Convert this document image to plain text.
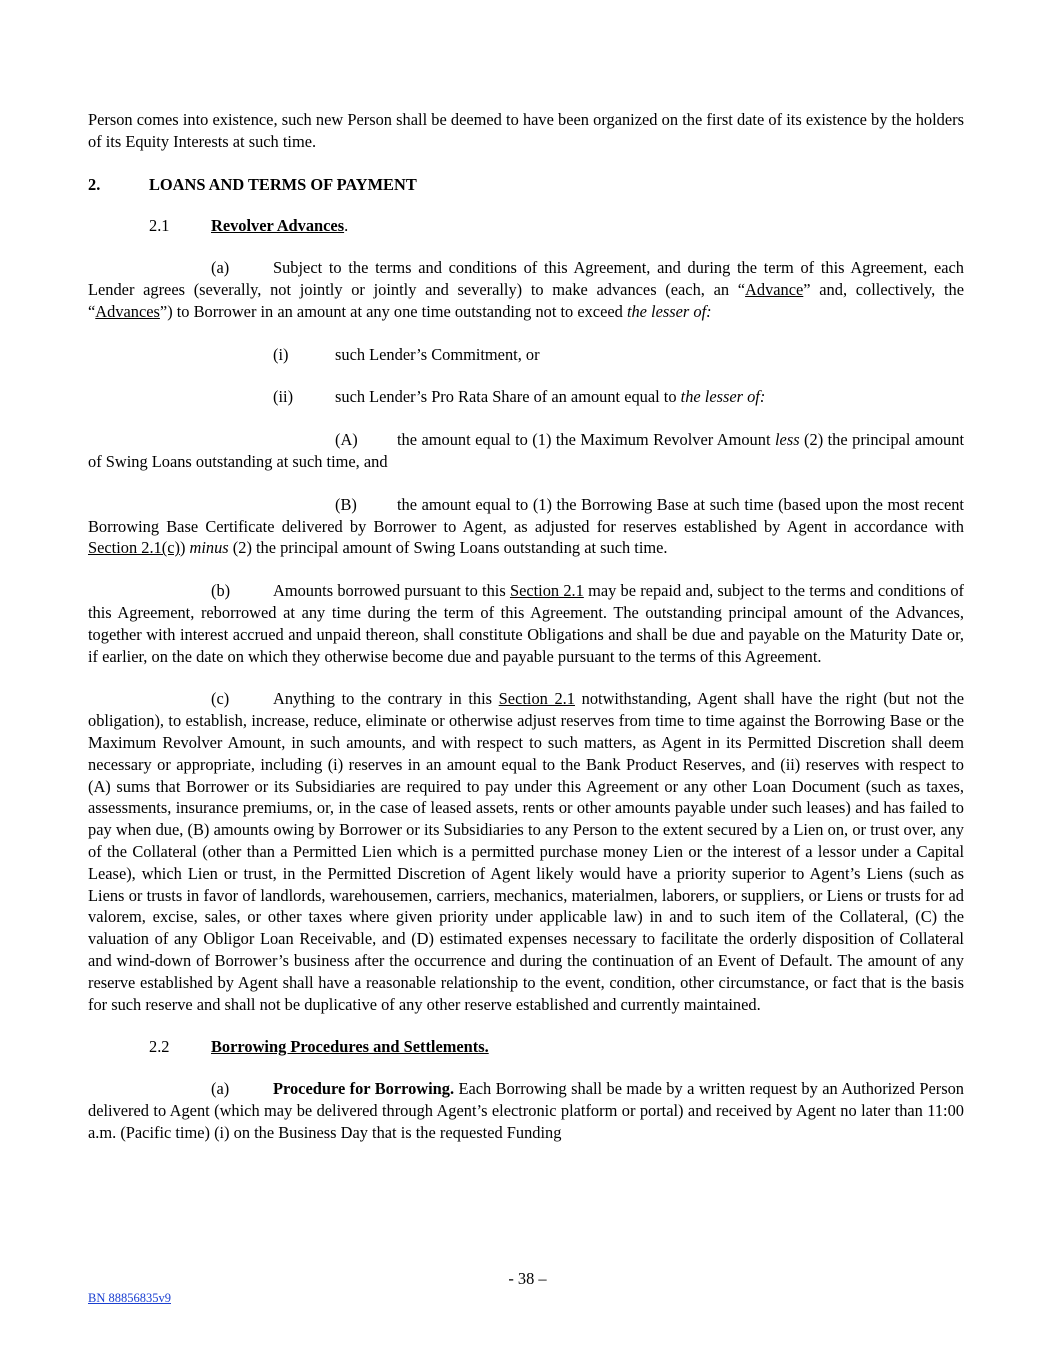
Person comes into existence, such new Person shall be deemed to have been organized on the first date of its existence by the holders of its Equity Interests at such time.

2.	LOANS AND TERMS OF PAYMENT

2.1	Revolver Advances.

(a)	Subject to the terms and conditions of this Agreement, and during the term of this Agreement, each Lender agrees (severally, not jointly or jointly and severally) to make advances (each, an “Advance” and, collectively, the “Advances”) to Borrower in an amount at any one time outstanding not to exceed the lesser of:

(i)	such Lender’s Commitment, or

(ii)	such Lender’s Pro Rata Share of an amount equal to the lesser of:

(A) the amount equal to (1) the Maximum Revolver Amount less (2) the principal amount of Swing Loans outstanding at such time, and

(B) the amount equal to (1) the Borrowing Base at such time (based upon the most recent Borrowing Base Certificate delivered by Borrower to Agent, as adjusted for reserves established by Agent in accordance with Section 2.1(c)) minus (2) the principal amount of Swing Loans outstanding at such time.

(b)	Amounts borrowed pursuant to this Section 2.1 may be repaid and, subject to the terms and conditions of this Agreement, reborrowed at any time during the term of this Agreement. The outstanding principal amount of the Advances, together with interest accrued and unpaid thereon, shall constitute Obligations and shall be due and payable on the Maturity Date or, if earlier, on the date on which they otherwise become due and payable pursuant to the terms of this Agreement.

(c)	Anything to the contrary in this Section 2.1 notwithstanding, Agent shall have the right (but not the obligation), to establish, increase, reduce, eliminate or otherwise adjust reserves from time to time against the Borrowing Base or the Maximum Revolver Amount, in such amounts, and with respect to such matters, as Agent in its Permitted Discretion shall deem necessary or appropriate, including (i) reserves in an amount equal to the Bank Product Reserves, and (ii) reserves with respect to (A) sums that Borrower or its Subsidiaries are required to pay under this Agreement or any other Loan Document (such as taxes, assessments, insurance premiums, or, in the case of leased assets, rents or other amounts payable under such leases) and has failed to pay when due, (B) amounts owing by Borrower or its Subsidiaries to any Person to the extent secured by a Lien on, or trust over, any of the Collateral (other than a Permitted Lien which is a permitted purchase money Lien or the interest of a lessor under a Capital Lease), which Lien or trust, in the Permitted Discretion of Agent likely would have a priority superior to Agent’s Liens (such as Liens or trusts in favor of landlords, warehousemen, carriers, mechanics, materialmen, laborers, or suppliers, or Liens or trusts for ad valorem, excise, sales, or other taxes where given priority under applicable law) in and to such item of the Collateral, (C) the valuation of any Obligor Loan Receivable, and (D) estimated expenses necessary to facilitate the orderly disposition of Collateral and wind-down of Borrower’s business after the occurrence and during the continuation of an Event of Default. The amount of any reserve established by Agent shall have a reasonable relationship to the event, condition, other circumstance, or fact that is the basis for such reserve and shall not be duplicative of any other reserve established and currently maintained.

2.2	Borrowing Procedures and Settlements.

(a)	Procedure for Borrowing. Each Borrowing shall be made by a written request by an Authorized Person delivered to Agent (which may be delivered through Agent’s electronic platform or portal) and received by Agent no later than 11:00 a.m. (Pacific time) (i) on the Business Day that is the requested Funding

- 38 –
BN 88856835v9
